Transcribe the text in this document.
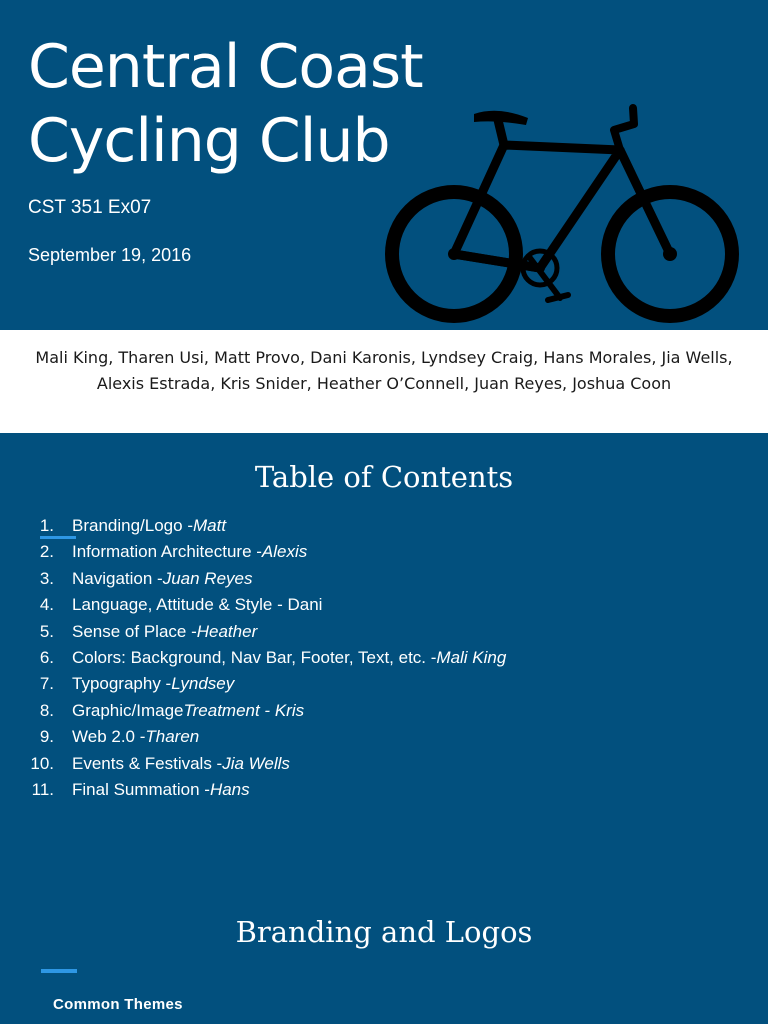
Central Coast
Cycling Club
CST 351 Ex07
September 19, 2016

Mali King, Tharen Usi, Matt Provo, Dani Karonis, Lyndsey Craig, Hans Morales, Jia Wells, Alexis Estrada, Kris Snider, Heather O’Connell, Juan Reyes, Joshua Coon

Table of Contents
1. Branding/Logo - Matt
2. Information Architecture - Alexis
3. Navigation - Juan Reyes
4. Language, Attitude & Style - Dani
5. Sense of Place - Heather
6. Colors: Background, Nav Bar, Footer, Text, etc. - Mali King
7. Typography - Lyndsey
8. Graphic/Image Treatment - Kris
9. Web 2.0 - Tharen
10. Events & Festivals - Jia Wells
11. Final Summation - Hans
Branding and Logos
Common Themes
